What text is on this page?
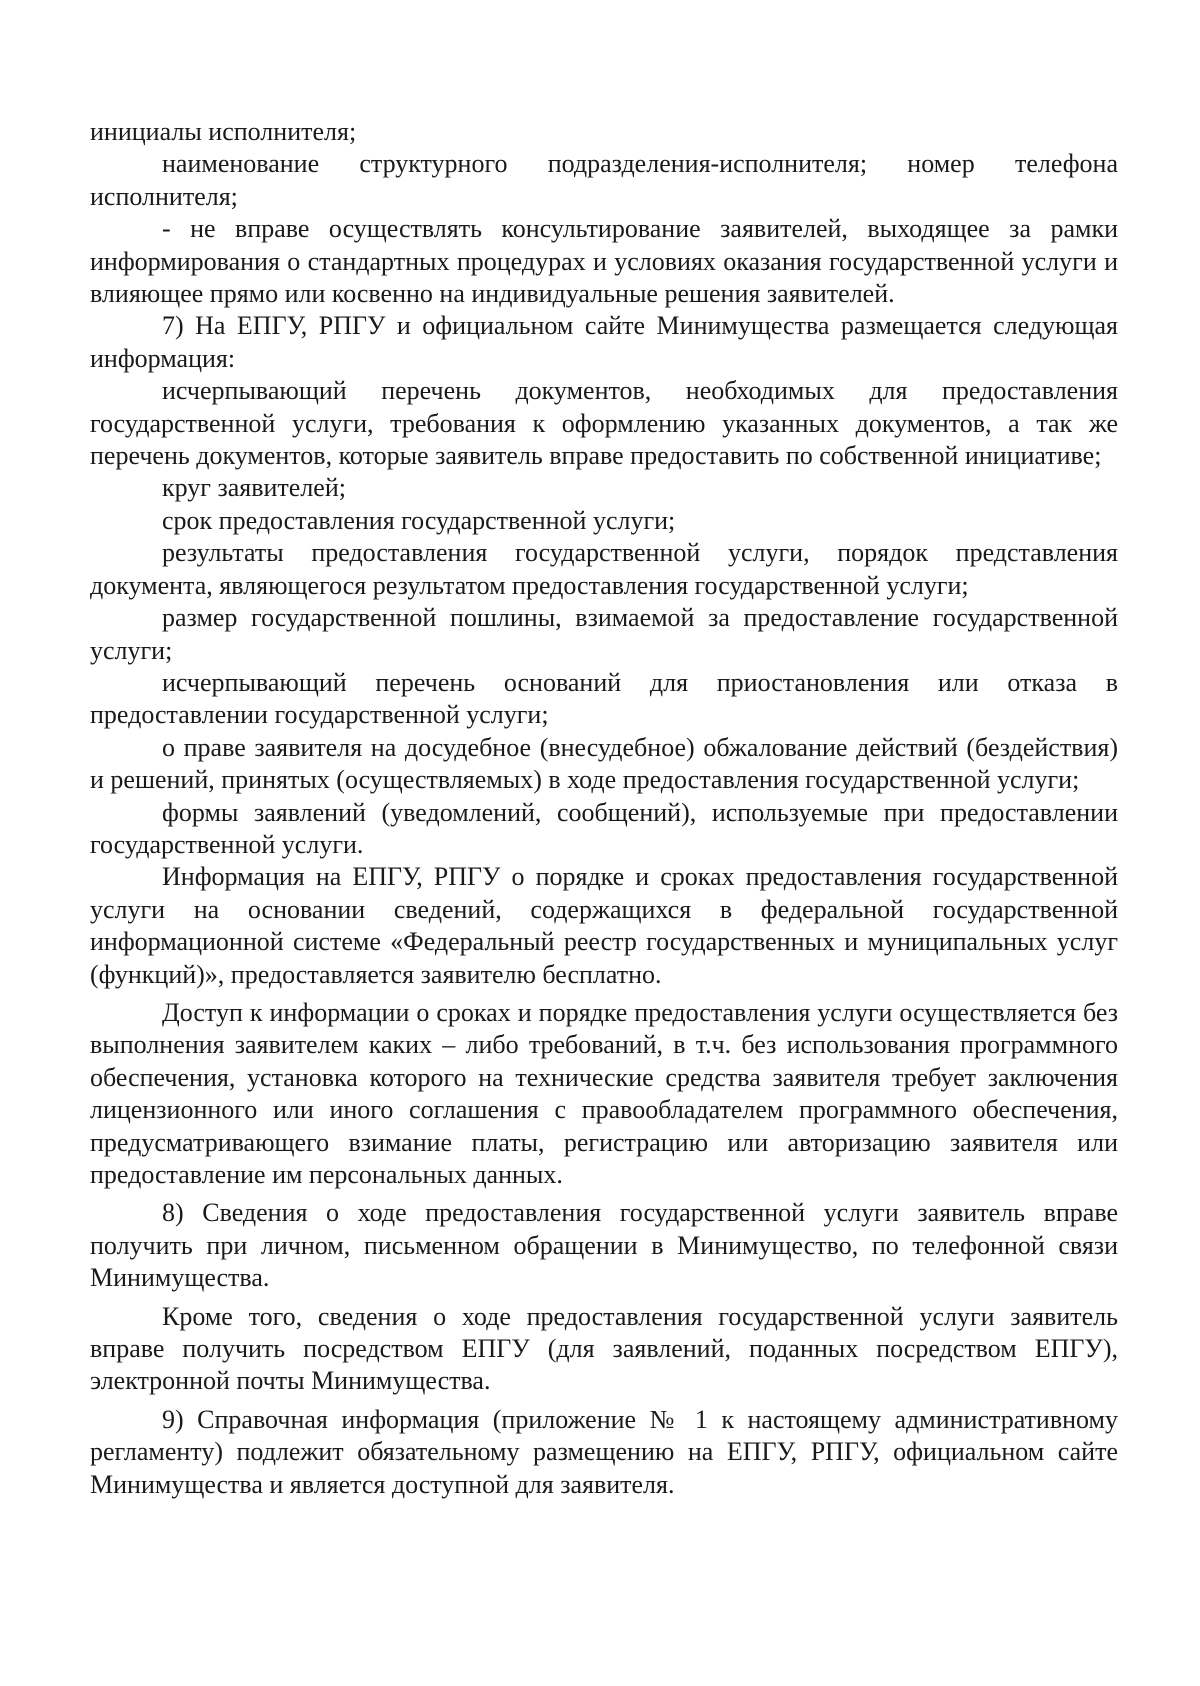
инициалы исполнителя;

наименование структурного подразделения-исполнителя; номер телефона исполнителя;

- не вправе осуществлять консультирование заявителей, выходящее за рамки информирования о стандартных процедурах и условиях оказания государственной услуги и влияющее прямо или косвенно на индивидуальные решения заявителей.

7) На ЕПГУ, РПГУ и официальном сайте Минимущества размещается следующая информация:

исчерпывающий перечень документов, необходимых для предоставления государственной услуги, требования к оформлению указанных документов, а так же перечень документов, которые заявитель вправе предоставить по собственной инициативе;

круг заявителей;

срок предоставления государственной услуги;

результаты предоставления государственной услуги, порядок представления документа, являющегося результатом предоставления государственной услуги;

размер государственной пошлины, взимаемой за предоставление государственной услуги;

исчерпывающий перечень оснований для приостановления или отказа в предоставлении государственной услуги;

о праве заявителя на досудебное (внесудебное) обжалование действий (бездействия) и решений, принятых (осуществляемых) в ходе предоставления государственной услуги;

формы заявлений (уведомлений, сообщений), используемые при предоставлении государственной услуги.

Информация на ЕПГУ, РПГУ о порядке и сроках предоставления государственной услуги на основании сведений, содержащихся в федеральной государственной информационной системе «Федеральный реестр государственных и муниципальных услуг (функций)», предоставляется заявителю бесплатно.

Доступ к информации о сроках и порядке предоставления услуги осуществляется без выполнения заявителем каких – либо требований, в т.ч. без использования программного обеспечения, установка которого на технические средства заявителя требует заключения лицензионного или иного соглашения с правообладателем программного обеспечения, предусматривающего взимание платы, регистрацию или авторизацию заявителя или предоставление им персональных данных.

8) Сведения о ходе предоставления государственной услуги заявитель вправе получить при личном, письменном обращении в Минимущество, по телефонной связи Минимущества.

Кроме того, сведения о ходе предоставления государственной услуги заявитель вправе получить посредством ЕПГУ (для заявлений, поданных посредством ЕПГУ), электронной почты Минимущества.

9) Справочная информация (приложение № 1 к настоящему административному регламенту) подлежит обязательному размещению на ЕПГУ, РПГУ, официальном сайте Минимущества и является доступной для заявителя.
